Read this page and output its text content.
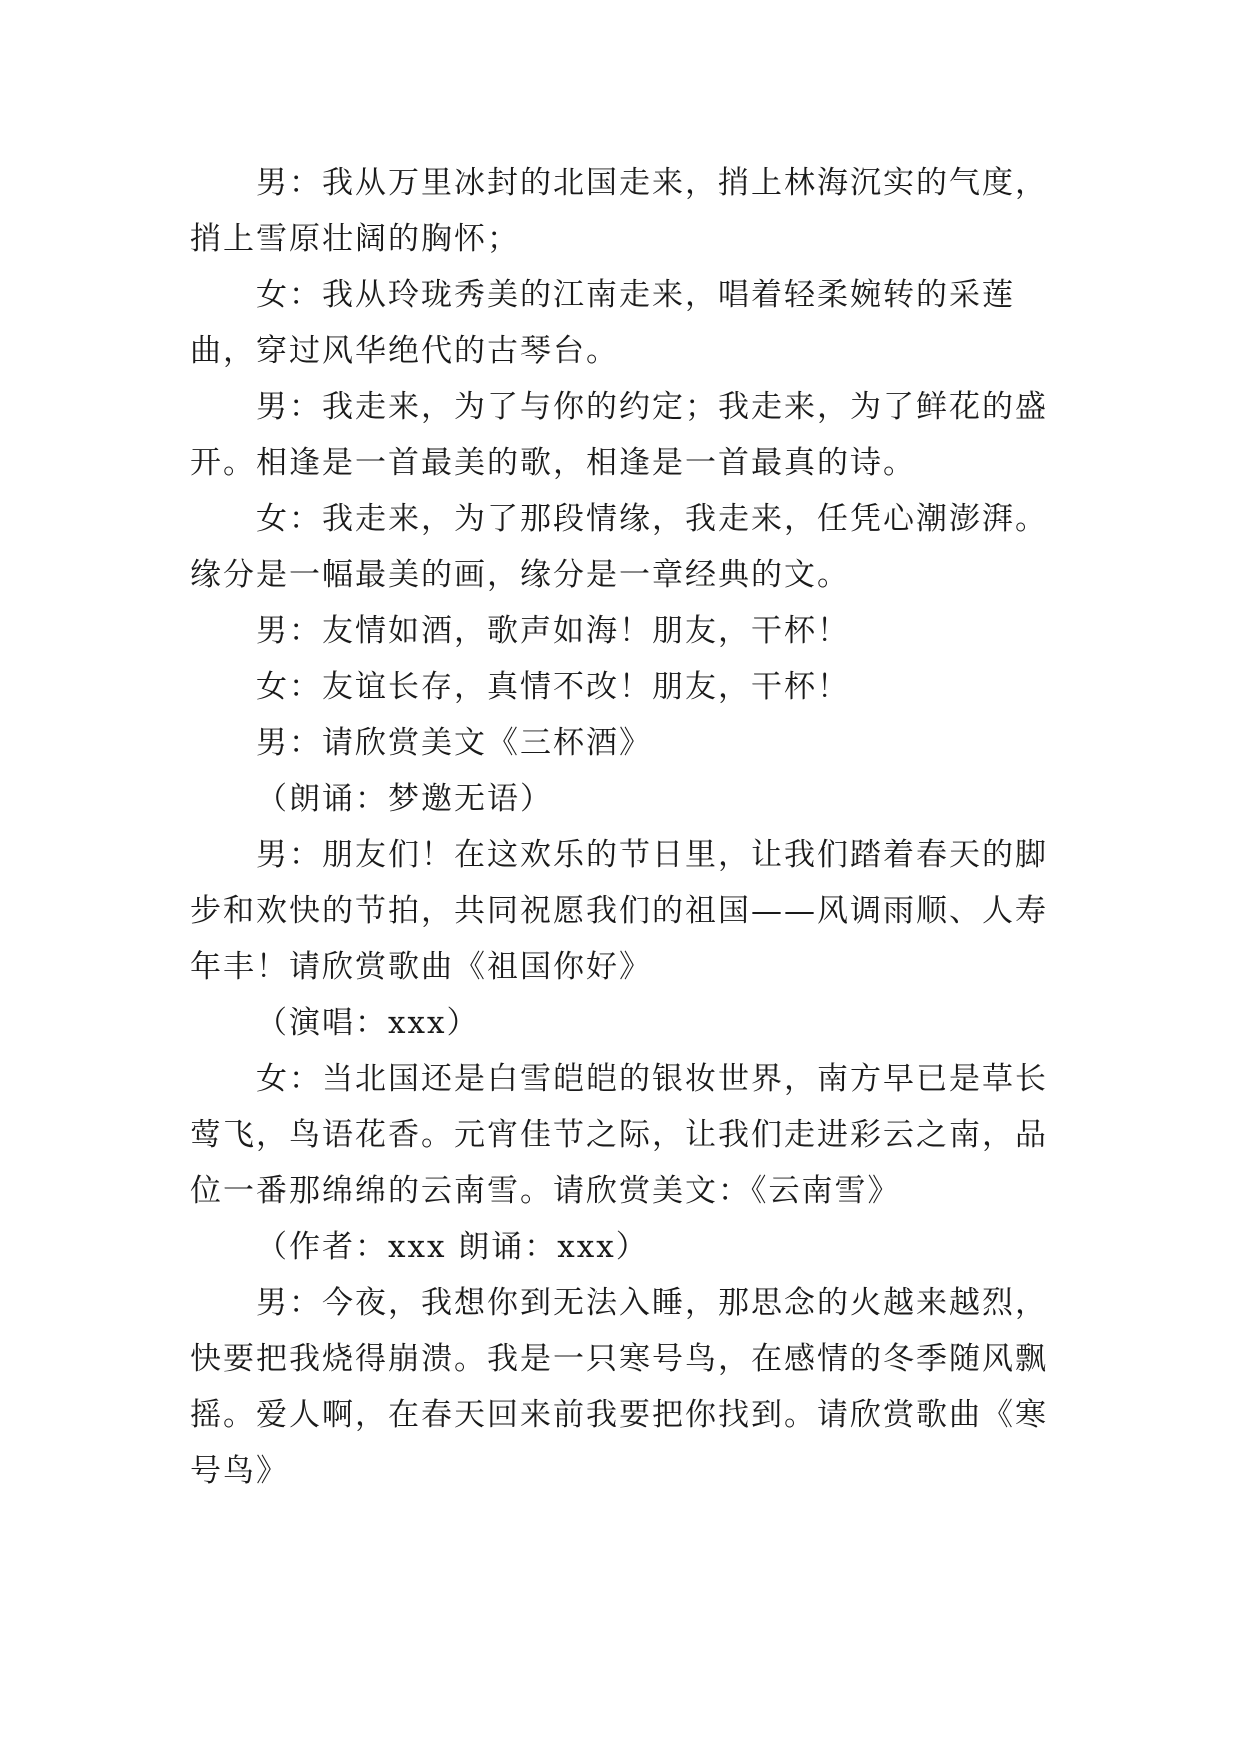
男：我从万里冰封的北国走来，捎上林海沉实的气度，捎上雪原壮阔的胸怀；

女：我从玲珑秀美的江南走来，唱着轻柔婉转的采莲曲，穿过风华绝代的古琴台。

男：我走来，为了与你的约定；我走来，为了鲜花的盛开。相逢是一首最美的歌，相逢是一首最真的诗。

女：我走来，为了那段情缘，我走来，任凭心潮澎湃。缘分是一幅最美的画，缘分是一章经典的文。

男：友情如酒，歌声如海！朋友，干杯！

女：友谊长存，真情不改！朋友，干杯！

男：请欣赏美文《三杯酒》

（朗诵：梦邀无语）

男：朋友们！在这欢乐的节日里，让我们踏着春天的脚步和欢快的节拍，共同祝愿我们的祖国——风调雨顺、人寿年丰！请欣赏歌曲《祖国你好》

（演唱：xxx）

女：当北国还是白雪皑皑的银妆世界，南方早已是草长莺飞，鸟语花香。元宵佳节之际，让我们走进彩云之南，品位一番那绵绵的云南雪。请欣赏美文：《云南雪》

（作者：xxx 朗诵：xxx）

男：今夜，我想你到无法入睡，那思念的火越来越烈，快要把我烧得崩溃。我是一只寒号鸟，在感情的冬季随风飘摇。爱人啊，在春天回来前我要把你找到。请欣赏歌曲《寒号鸟》
